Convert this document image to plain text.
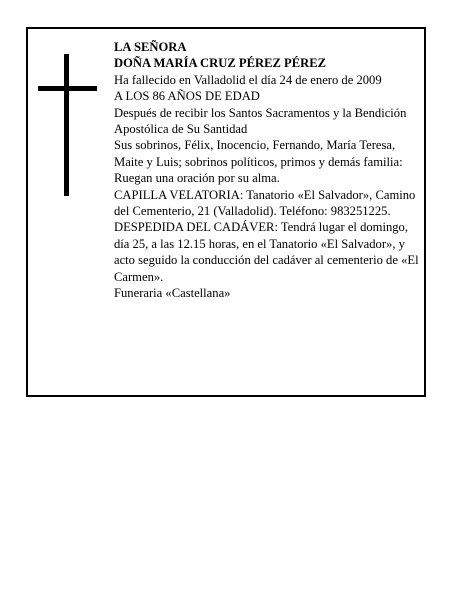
LA SEÑORA

DOÑA MARÍA CRUZ PÉREZ PÉREZ

Ha fallecido en Valladolid el día 24 de enero de 2009

A LOS 86 AÑOS DE EDAD

Después de recibir los Santos Sacramentos y la Bendición Apostólica de Su Santidad

Sus sobrinos, Félix, Inocencio, Fernando, María Teresa, Maite y Luis; sobrinos políticos, primos y demás familia:

Ruegan una oración por su alma.

CAPILLA VELATORIA: Tanatorio «El Salvador», Camino del Cementerio, 21 (Valladolid). Teléfono: 983251225.

DESPEDIDA DEL CADÁVER: Tendrá lugar el domingo, día 25, a las 12.15 horas, en el Tanatorio «El Salvador», y acto seguido la conducción del cadáver al cementerio de «El Carmen».

Funeraria «Castellana»
